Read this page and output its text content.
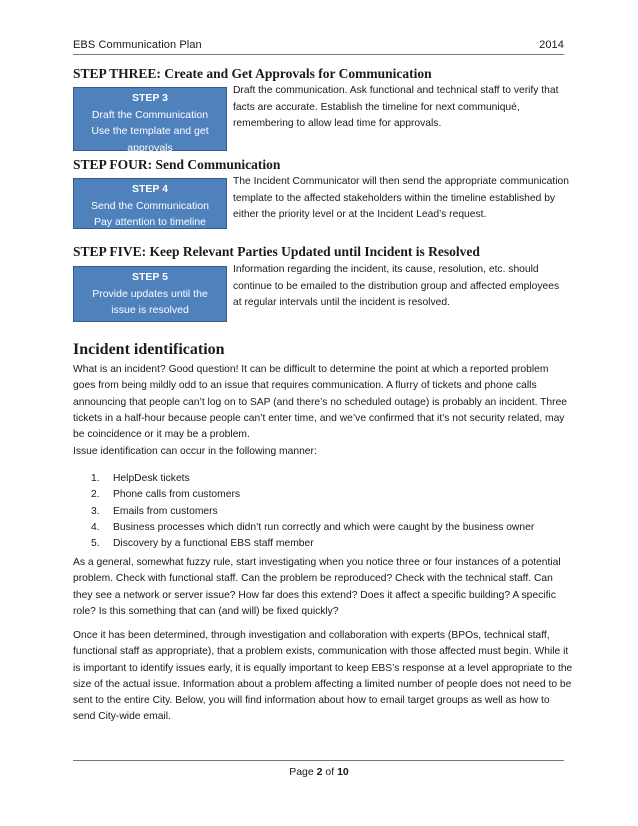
EBS Communication Plan	2014
STEP THREE: Create and Get Approvals for Communication
STEP 3
Draft the Communication
Use the template and get
approvals
Draft the communication. Ask functional and technical staff to verify that facts are accurate. Establish the timeline for next communiqué, remembering to allow lead time for approvals.
STEP FOUR: Send Communication
STEP 4
Send the Communication
Pay attention to timeline
The Incident Communicator will then send the appropriate communication template to the affected stakeholders within the timeline established by either the priority level or at the Incident Lead’s request.
STEP FIVE: Keep Relevant Parties Updated until Incident is Resolved
STEP 5
Provide updates until the
issue is resolved
Information regarding the incident, its cause, resolution, etc. should continue to be emailed to the distribution group and affected employees at regular intervals until the incident is resolved.
Incident identification
What is an incident? Good question! It can be difficult to determine the point at which a reported problem goes from being mildly odd to an issue that requires communication. A flurry of tickets and phone calls announcing that people can’t log on to SAP (and there’s no scheduled outage) is probably an incident. Three tickets in a half-hour because people can’t enter time, and we’ve confirmed that it’s not security related, may be coincidence or it may be a problem.
Issue identification can occur in the following manner:
1.	HelpDesk tickets
2.	Phone calls from customers
3.	Emails from customers
4.	Business processes which didn’t run correctly and which were caught by the business owner
5.	Discovery by a functional EBS staff member
As a general, somewhat fuzzy rule, start investigating when you notice three or four instances of a potential problem. Check with functional staff. Can the problem be reproduced? Check with the technical staff. Can they see a network or server issue? How far does this extend? Does it affect a specific building? A specific role? Is this something that can (and will) be fixed quickly?
Once it has been determined, through investigation and collaboration with experts (BPOs, technical staff, functional staff as appropriate), that a problem exists, communication with those affected must begin. While it is important to identify issues early, it is equally important to keep EBS’s response at a level appropriate to the size of the actual issue. Information about a problem affecting a limited number of people does not need to be sent to the entire City. Below, you will find information about how to email target groups as well as how to send City-wide email.
Page 2 of 10
